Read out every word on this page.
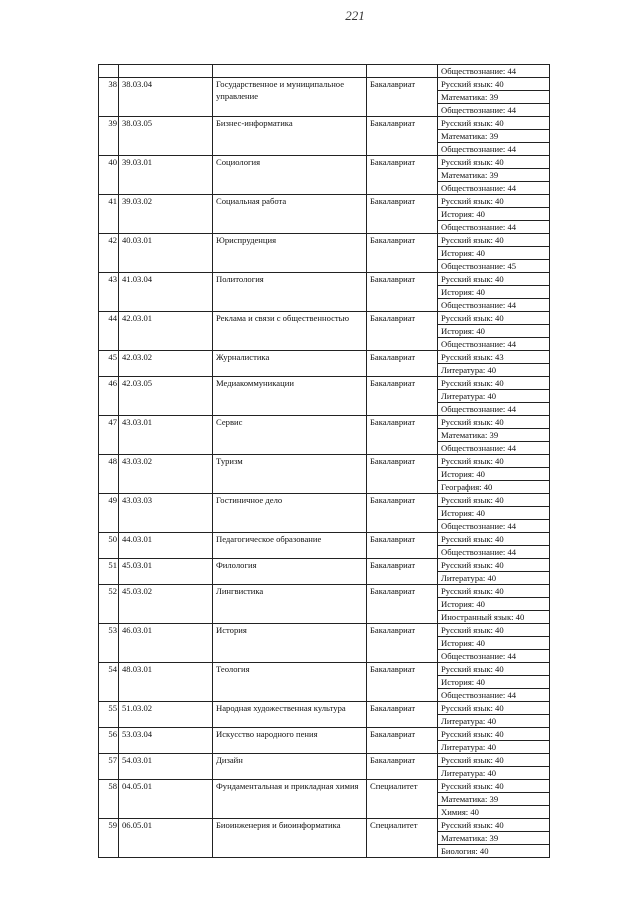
221
				Обществознание: 44
38	38.03.04	Государственное и муниципальное управление	Бакалавриат	Русский язык: 40
				Математика: 39
				Обществознание: 44
39	38.03.05	Бизнес-информатика	Бакалавриат	Русский язык: 40
				Математика: 39
				Обществознание: 44
40	39.03.01	Социология	Бакалавриат	Русский язык: 40
				Математика: 39
				Обществознание: 44
41	39.03.02	Социальная работа	Бакалавриат	Русский язык: 40
				История: 40
				Обществознание: 44
42	40.03.01	Юриспруденция	Бакалавриат	Русский язык: 40
				История: 40
				Обществознание: 45
43	41.03.04	Политология	Бакалавриат	Русский язык: 40
				История: 40
				Обществознание: 44
44	42.03.01	Реклама и связи с общественностью	Бакалавриат	Русский язык: 40
				История: 40
				Обществознание: 44
45	42.03.02	Журналистика	Бакалавриат	Русский язык: 43
				Литература: 40
46	42.03.05	Медиакоммуникации	Бакалавриат	Русский язык: 40
				Литература: 40
				Обществознание: 44
47	43.03.01	Сервис	Бакалавриат	Русский язык: 40
				Математика: 39
				Обществознание: 44
48	43.03.02	Туризм	Бакалавриат	Русский язык: 40
				История: 40
				География: 40
49	43.03.03	Гостиничное дело	Бакалавриат	Русский язык: 40
				История: 40
				Обществознание: 44
50	44.03.01	Педагогическое образование	Бакалавриат	Русский язык: 40
				Обществознание: 44
51	45.03.01	Филология	Бакалавриат	Русский язык: 40
				Литература: 40
52	45.03.02	Лингвистика	Бакалавриат	Русский язык: 40
				История: 40
				Иностранный язык: 40
53	46.03.01	История	Бакалавриат	Русский язык: 40
				История: 40
				Обществознание: 44
54	48.03.01	Теология	Бакалавриат	Русский язык: 40
				История: 40
				Обществознание: 44
55	51.03.02	Народная художественная культура	Бакалавриат	Русский язык: 40
				Литература: 40
56	53.03.04	Искусство народного пения	Бакалавриат	Русский язык: 40
				Литература: 40
57	54.03.01	Дизайн	Бакалавриат	Русский язык: 40
				Литература: 40
58	04.05.01	Фундаментальная и прикладная химия	Специалитет	Русский язык: 40
				Математика: 39
				Химия: 40
59	06.05.01	Биоинженерия и биоинформатика	Специалитет	Русский язык: 40
				Математика: 39
				Биология: 40
